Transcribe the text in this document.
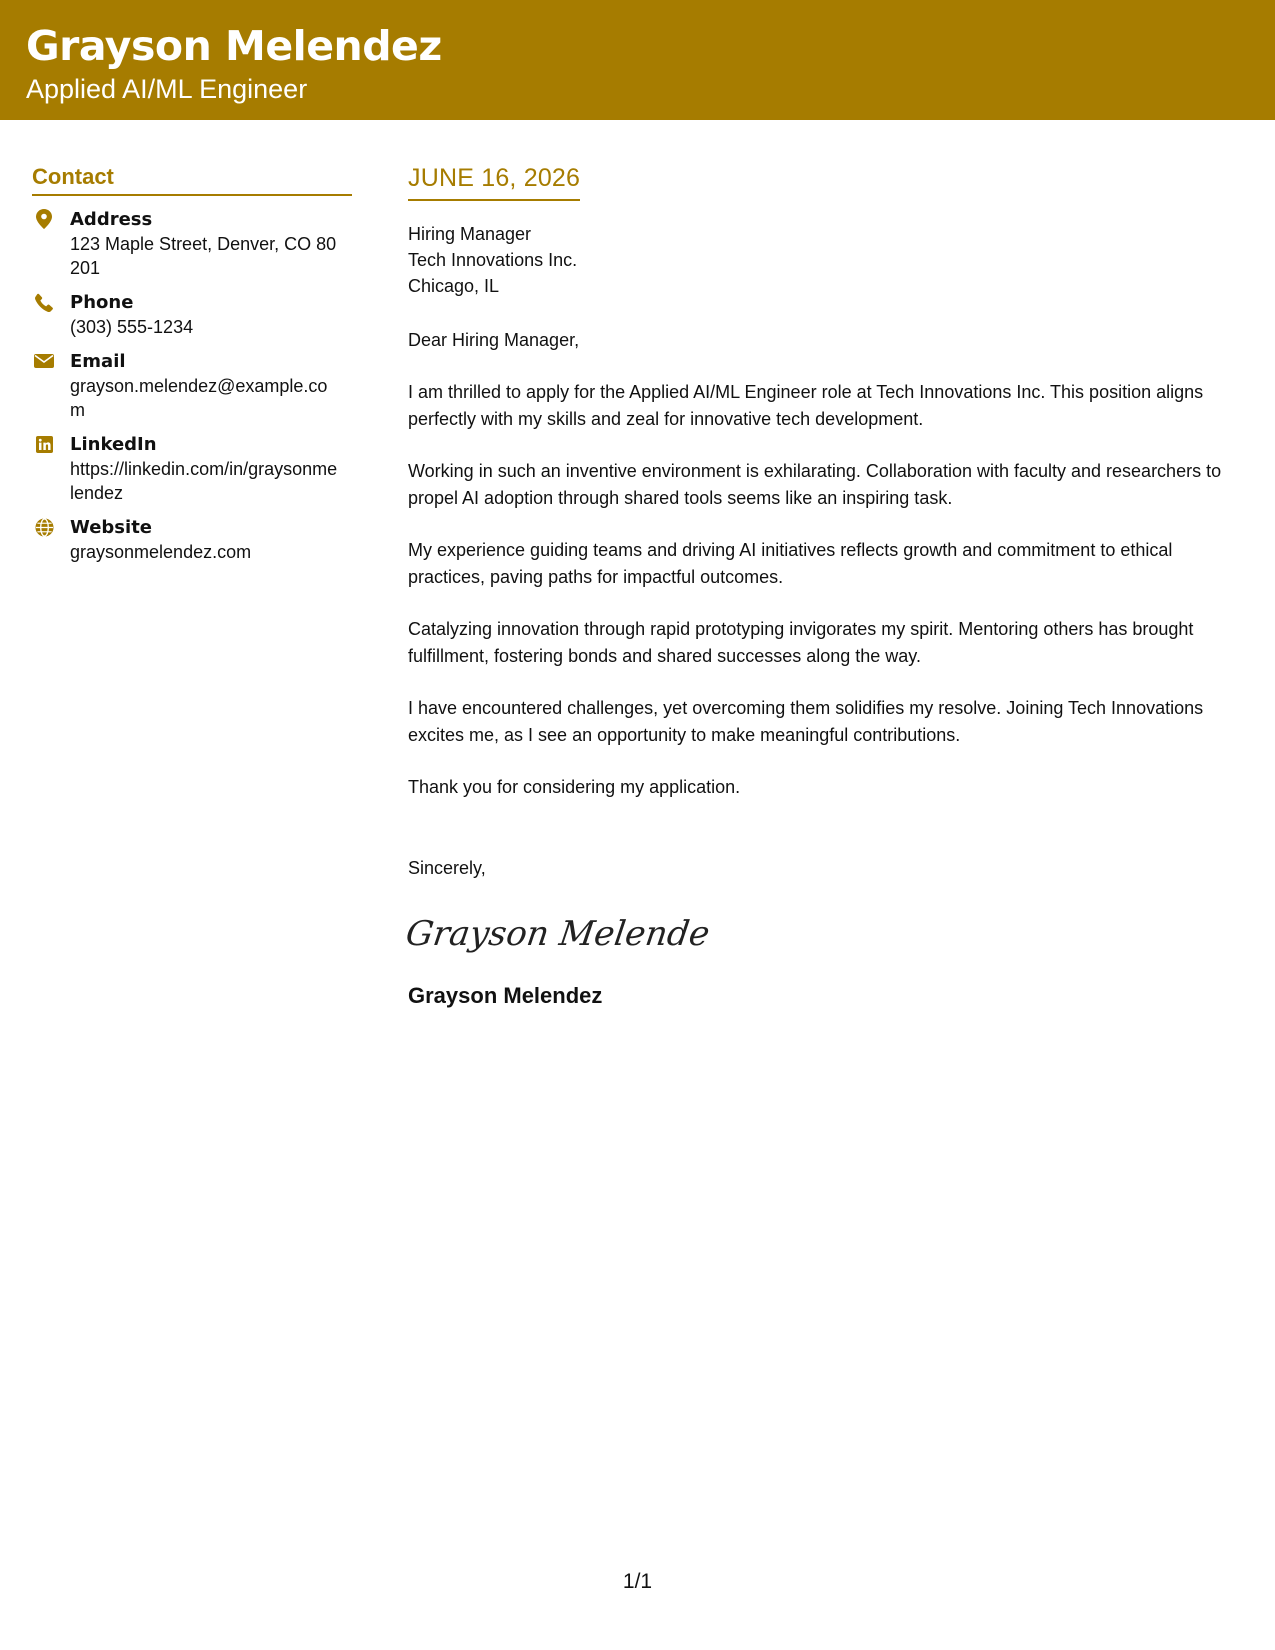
Grayson Melendez
Applied AI/ML Engineer
Contact
Address
123 Maple Street, Denver, CO 80201
Phone
(303) 555-1234
Email
grayson.melendez@example.com
LinkedIn
https://linkedin.com/in/graysonmelendez
Website
graysonmelendez.com
JUNE 16, 2026
Hiring Manager
Tech Innovations Inc.
Chicago, IL
Dear Hiring Manager,
I am thrilled to apply for the Applied AI/ML Engineer role at Tech Innovations Inc. This position aligns perfectly with my skills and zeal for innovative tech development.
Working in such an inventive environment is exhilarating. Collaboration with faculty and researchers to propel AI adoption through shared tools seems like an inspiring task.
My experience guiding teams and driving AI initiatives reflects growth and commitment to ethical practices, paving paths for impactful outcomes.
Catalyzing innovation through rapid prototyping invigorates my spirit. Mentoring others has brought fulfillment, fostering bonds and shared successes along the way.
I have encountered challenges, yet overcoming them solidifies my resolve. Joining Tech Innovations excites me, as I see an opportunity to make meaningful contributions.
Thank you for considering my application.
Sincerely,
Grayson Melende
Grayson Melendez
1/1
